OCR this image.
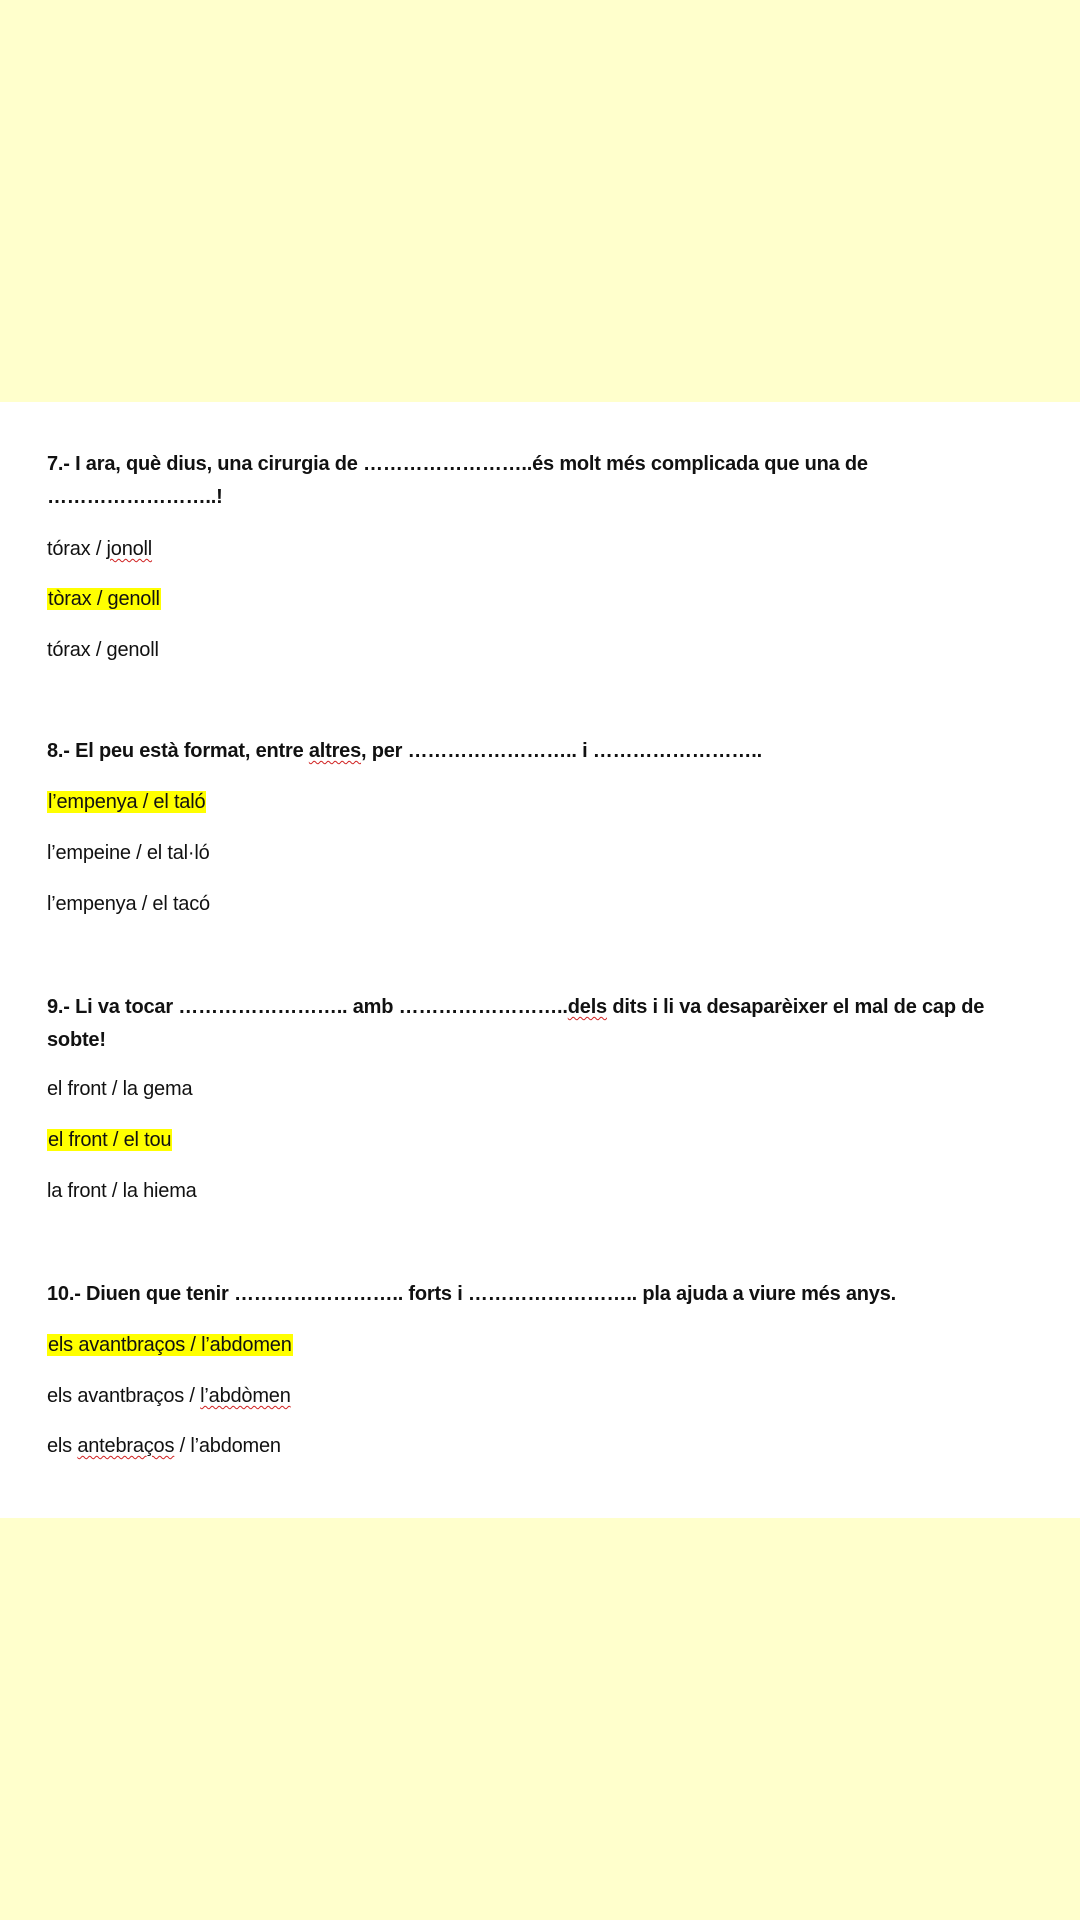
7.- I ara, què dius, una cirurgia de ……………………..és molt més complicada que una de ……………………..!
tórax / jonoll
tòrax / genoll
tórax / genoll
8.- El peu està format, entre altres, per …………………….. i ……………………..
l’empenya / el taló
l’empeine / el tal·ló
l’empenya / el tacó
9.- Li va tocar …………………….. amb ……………………..dels dits i li va desaparèixer el mal de cap de sobte!
el front / la gema
el front / el tou
la front / la hiema
10.- Diuen que tenir …………………….. forts i …………………….. pla ajuda a viure més anys.
els avantbraços / l’abdomen
els avantbraços / l’abdòmen
els antebraços / l’abdomen
